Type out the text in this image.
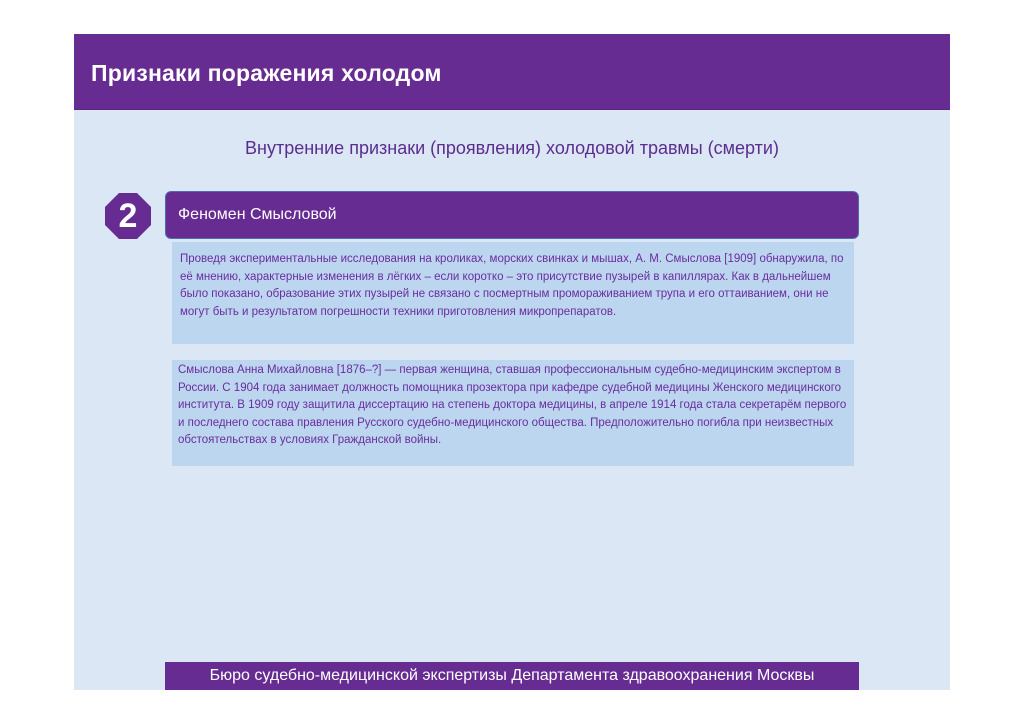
Признаки поражения холодом
Внутренние признаки (проявления) холодовой травмы (смерти)
2	Феномен Смысловой
Проведя экспериментальные исследования на кроликах, морских свинках и мышах, А. М. Смыслова [1909] обнаружила, по её мнению, характерные изменения в лёгких – если коротко – это присутствие пузырей в капиллярах. Как в дальнейшем было показано, образование этих пузырей не связано с посмертным промораживанием трупа и его оттаиванием, они не могут быть и результатом погрешности техники приготовления микропрепаратов.
Смыслова Анна Михайловна [1876–?] — первая женщина, ставшая профессиональным судебно-медицинским экспертом в России. С 1904 года занимает должность помощника прозектора при кафедре судебной медицины Женского медицинского института. В 1909 году защитила диссертацию на степень доктора медицины, в апреле 1914 года стала секретарём первого и последнего состава правления Русского судебно-медицинского общества. Предположительно погибла при неизвестных обстоятельствах в условиях Гражданской войны.
Бюро судебно-медицинской экспертизы Департамента здравоохранения Москвы
